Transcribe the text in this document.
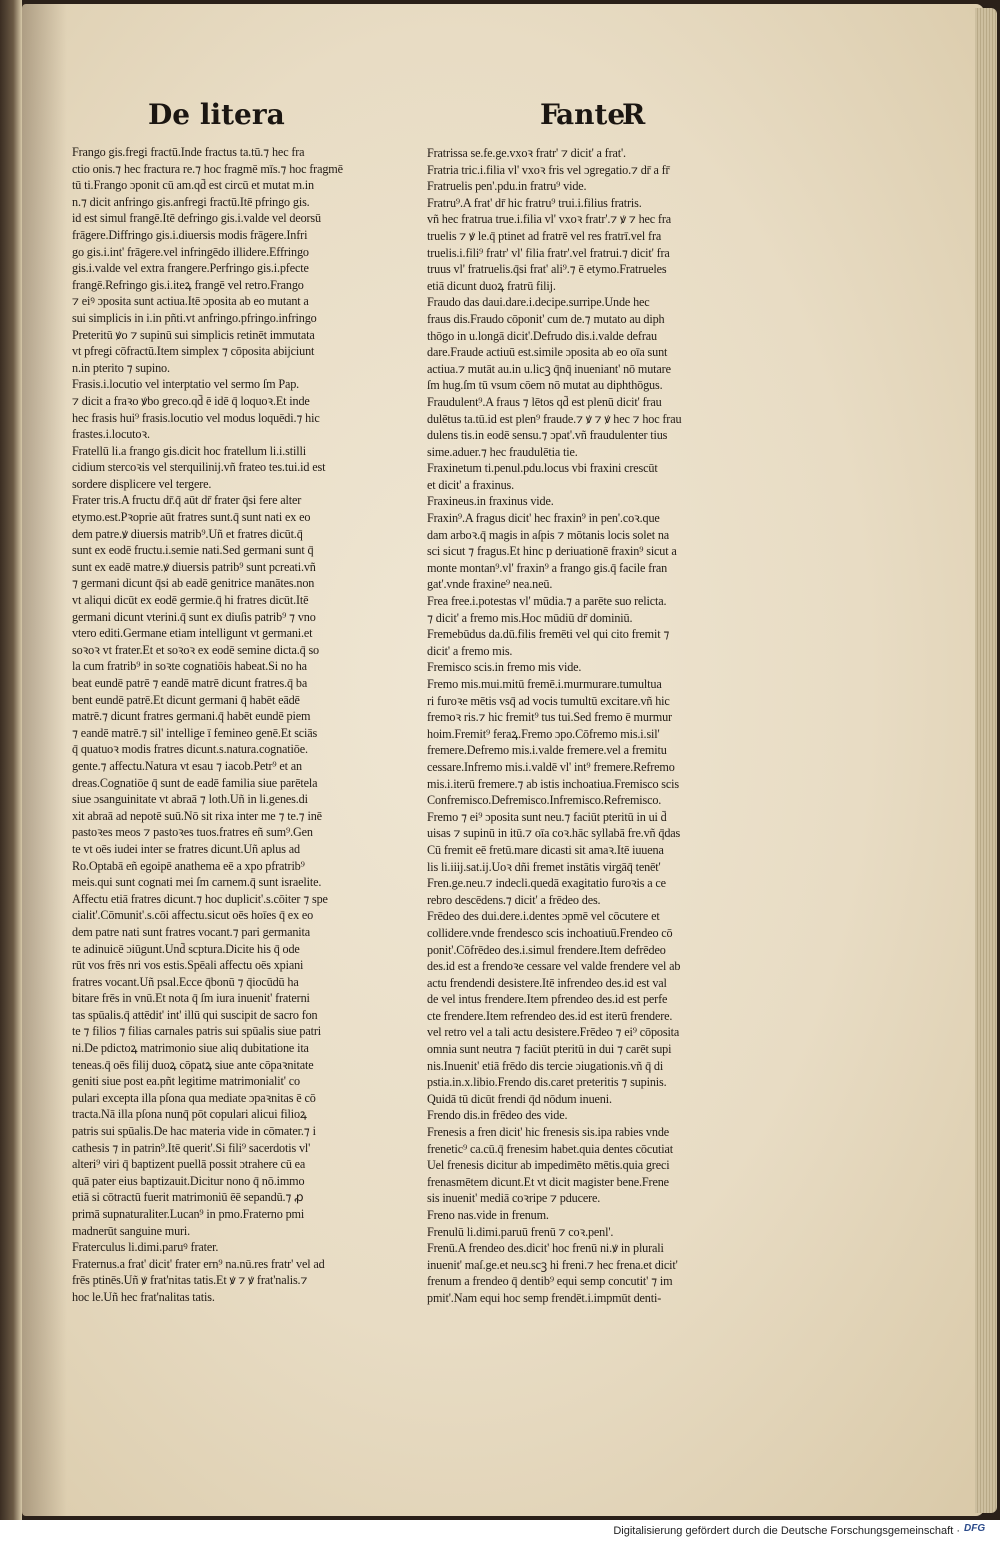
De litera	F
ante
R
Frango gis.fregi fractū.Inde fractus ta.tū.⁊ hec fra
ctio onis.⁊ hec fractura re.⁊ hoc fragmē mīs.⁊ hoc fragmē
tū ti.Frango ɔponit cū am.qd̄ est circū et mutat m.in
n.⁊ dicit anfringo gis.anfregi fractū.Itē pfringo gis.
id est simul frangē.Itē defringo gis.i.valde vel deorsū
frāgere.Diffringo gis.i.diuersis modis frāgere.Infri
go gis.i.int' frāgere.vel infringēdo illidere.Effringo
gis.i.valde vel extra frangere.Perfringo gis.i.pfecte
frangē.Refringo gis.i.iteꝝ frangē vel retro.Frango
⁊ eiꝰ ɔposita sunt actiua.Itē ɔposita ab eo mutant a
sui simplicis in i.in pñti.vt anfringo.pfringo.infringo
Preteritū ꝟo ⁊ supinū sui simplicis retinēt immutata
vt pfregi cōfractū.Item simplex ⁊ cōposita abijciunt
n.in pterito ⁊ supino.
Frasis.i.locutio vel interptatio vel sermo ſm Pap.
⁊ dicit a fraꝛo ꝟbo greco.qd̄ ē idē q̄ loquoꝛ.Et inde
hec frasis hui⁹ frasis.locutio vel modus loquēdi.⁊ hic
frastes.i.locutoꝛ.
Fratellū li.a frango gis.dicit hoc fratellum li.i.stilli
cidium stercoꝛis vel sterquilinij.vñ frateo tes.tui.id est
sordere displicere vel tergere.
Frater tris.A fructu dr̄.q̄ aūt dr̄ frater q̄si fere alter
etymo.est.Pꝛoprie aūt fratres sunt.q̄ sunt nati ex eo
dem patre.ꝟ diuersis matrib⁹.Uñ et fratres dicūt.q̄
sunt ex eodē fructu.i.semie nati.Sed germani sunt q̄
sunt ex eadē matre.ꝟ diuersis patrib⁹ sunt pcreati.vñ
⁊ germani dicunt q̄si ab eadē genitrice manātes.non
vt aliqui dicūt ex eodē germie.q̄ hi fratres dicūt.Itē
germani dicunt vterini.q̄ sunt ex diuſis patrib⁹ ⁊ vno
vtero editi.Germane etiam intelligunt vt germani.et
soꝛoꝛ vt frater.Et et soꝛoꝛ ex eodē semine dicta.q̄ so
la cum fratrib⁹ in soꝛte cognatiōis habeat.Si no ha
beat eundē patrē ⁊ eandē matrē dicunt fratres.q̄ ba
bent eundē patrē.Et dicunt germani q̄ habēt eādē
matrē.⁊ dicunt fratres germani.q̄ habēt eundē piem
⁊ eandē matrē.⁊ sil' intellige ī femineo genē.Et sciās
q̄ quatuoꝛ modis fratres dicunt.s.natura.cognatiōe.
gente.⁊ affectu.Natura vt esau ⁊ iacob.Petr⁹ et an
dreas.Cognatiōe q̄ sunt de eadē familia siue parētela
siue ɔsanguinitate vt abraā ⁊ loth.Uñ in li.genes.di
xit abraā ad nepotē suū.Nō sit rixa inter me ⁊ te.⁊ inē
pastoꝛes meos ⁊ pastoꝛes tuos.fratres eñ sum⁹.Gen
te vt oēs iudei inter se fratres dicunt.Uñ aplus ad
Ro.Optabā eñ egoipē anathema eē a xpo pfratrib⁹
meis.qui sunt cognati mei ſm carnem.q̄ sunt israelite.
Affectu etiā fratres dicunt.⁊ hoc duplicit'.s.cōiter ⁊ spe
cialit'.Cōmunit'.s.cōi affectu.sicut oēs hoīes q̄ ex eo
dem patre nati sunt fratres vocant.⁊ pari germanita
te adinuicē ɔiūgunt.Und̄ scptura.Dicite his q̄ ode
rūt vos frēs nri vos estis.Spēali affectu oēs xpiani
fratres vocant.Uñ psal.Ecce q̄bonū ⁊ q̄iocūdū ha
bitare frēs in vnū.Et nota q̄ ſm iura inuenit' fraterni
tas spūalis.q̄ attēdit' int' illū qui suscipit de sacro fon
te ⁊ filios ⁊ filias carnales patris sui spūalis siue patri
ni.De pdictoꝝ matrimonio siue aliq dubitatione ita
teneas.q̄ oēs filij duoꝝ cōpatꝝ siue ante cōpaꝛnitate
geniti siue post ea.pñt legitime matrimonialit' co
pulari excepta illa pſona qua mediate ɔpaꝛnitas ē cō
tracta.Nā illa pſona nunq̄ pōt copulari alicui filioꝝ
patris sui spūalis.De hac materia vide in cōmater.⁊ i
cathesis ⁊ in patrin⁹.Itē querit'.Si fili⁹ sacerdotis vl'
alteri⁹ viri q̄ baptizent puellā possit ɔtrahere cū ea
quā pater eius baptizauit.Dicitur nono q̄ nō.immo
etiā si cōtractū fuerit matrimoniū ēē sepandū.⁊ ꝓ
primā supnaturaliter.Lucan⁹ in pmo.Fraterno pmi
madnerūt sanguine muri.
Fraterculus li.dimi.paruꝰ frater.
Fraternus.a frat' dicit' frater ern⁹ na.nū.res fratr' vel ad
frēs ptinēs.Uñ ꝟ frat'nitas tatis.Et ꝟ ⁊ ꝟ frat'nalis.⁊
hoc le.Uñ hec frat'nalitas tatis.
Fratrissa se.fe.ge.vxoꝛ fratr' ⁊ dicit' a frat'.
Fratria tric.i.filia vl' vxoꝛ fris vel ɔgregatio.⁊ dr̄ a fr̄
Fratruelis pen'.pdu.in fratru⁹ vide.
Fratru⁹.A frat' dr̄ hic fratru⁹ trui.i.filius fratris.
vñ hec fratrua true.i.filia vl' vxoꝛ fratr'.⁊ ꝟ ⁊ hec fra
truelis ⁊ ꝟ le.q̄ ptinet ad fratrē vel res fratrī.vel fra
truelis.i.fili⁹ fratr' vl' filia fratr'.vel fratrui.⁊ dicit' fra
truus vl' fratruelis.q̄si frat' ali⁹.⁊ ē etymo.Fratrueles
etiā dicunt duoꝝ fratrū filij.
Fraudo das daui.dare.i.decipe.surripe.Unde hec
fraus dis.Fraudo cōponit' cum de.⁊ mutato au diph
thōgo in u.longā dicit'.Defrudo dis.i.valde defrau
dare.Fraude actiuū est.simile ɔposita ab eo oīa sunt
actiua.⁊ mutāt au.in u.licꝫ q̄nq̄ inueniant' nō mutare
ſm hug.ſm tū vsum cōem nō mutat au diphthōgus.
Fraudulent⁹.A fraus ⁊ lētos qd̄ est plenū dicit' frau
dulētus ta.tū.id est plen⁹ fraude.⁊ ꝟ ⁊ ꝟ hec ⁊ hoc frau
dulens tis.in eodē sensu.⁊ ɔpat'.vñ fraudulenter tius
sime.aduer.⁊ hec fraudulētia tie.
Fraxinetum ti.penul.pdu.locus vbi fraxini crescūt
et dicit' a fraxinus.
Fraxineus.in fraxinus vide.
Fraxin⁹.A fragus dicit' hec fraxin⁹ in pen'.coꝛ.que
dam arboꝛ.q̄ magis in aſpis ⁊ mōtanis locis solet na
sci sicut ⁊ fragus.Et hinc p deriuationē fraxin⁹ sicut a
monte montan⁹.vl' fraxin⁹ a frango gis.q̄ facile fran
gat'.vnde fraxine⁹ nea.neū.
Frea free.i.potestas vl' mūdia.⁊ a parēte suo relicta.
⁊ dicit' a fremo mis.Hoc mūdiū dr̄ dominiū.
Fremebūdus da.dū.filis fremēti vel qui cito fremit ⁊
dicit' a fremo mis.
Fremisco scis.in fremo mis vide.
Fremo mis.mui.mitū fremē.i.murmurare.tumultua
ri furoꝛe mētis vsq̄ ad vocis tumultū excitare.vñ hic
fremoꝛ ris.⁊ hic fremit⁹ tus tui.Sed fremo ē murmur
hoim.Fremit⁹ feraꝝ.Fremo ɔpo.Cōfremo mis.i.sil'
fremere.Defremo mis.i.valde fremere.vel a fremitu
cessare.Infremo mis.i.valdē vl' int⁹ fremere.Refremo
mis.i.iterū fremere.⁊ ab istis inchoatiua.Fremisco scis
Confremisco.Defremisco.Infremisco.Refremisco.
Fremo ⁊ ei⁹ ɔposita sunt neu.⁊ faciūt pteritū in ui d̄
uisas ⁊ supinū in itū.⁊ oīa coꝛ.hāc syllabā fre.vñ q̄das
Cū fremit eē fretū.mare dicasti sit amaꝛ.Itē iuuena
lis li.iiij.sat.ij.Uoꝛ dñi fremet instātis virgāq̄ tenēt'
Fren.ge.neu.⁊ indecli.quedā exagitatio furoꝛis a ce
rebro descēdens.⁊ dicit' a frēdeo des.
Frēdeo des dui.dere.i.dentes ɔpmē vel cōcutere et
collidere.vnde frendesco scis inchoatiuū.Frendeo cō
ponit'.Cōfrēdeo des.i.simul frendere.Item defrēdeo
des.id est a frendoꝛe cessare vel valde frendere vel ab
actu frendendi desistere.Itē infrendeo des.id est val
de vel intus frendere.Item pfrendeo des.id est perfe
cte frendere.Item refrendeo des.id est iterū frendere.
vel retro vel a tali actu desistere.Frēdeo ⁊ ei⁹ cōposita
omnia sunt neutra ⁊ faciūt pteritū in dui ⁊ carēt supi
nis.Inuenit' etiā frēdo dis tercie ɔiugationis.vñ q̄ di
pstia.in.x.libio.Frendo dis.caret preteritis ⁊ supinis.
Quidā tū dicūt frendi q̄d nōdum inueni.
Frendo dis.in frēdeo des vide.
Frenesis a fren dicit' hic frenesis sis.ipa rabies vnde
frenetic⁹ ca.cū.q̄ frenesim habet.quia dentes cōcutiat
Uel frenesis dicitur ab impedimēto mētis.quia greci
frenasmētem dicunt.Et vt dicit magister bene.Frene
sis inuenit' mediā coꝛripe ⁊ pducere.
Freno nas.vide in frenum.
Frenulū li.dimi.paruū frenū ⁊ coꝛ.penl'.
Frenū.A frendeo des.dicit' hoc frenū ni.ꝟ in plurali
inuenit' maſ.ge.et neu.scꝫ hi freni.⁊ hec frena.et dicit'
frenum a frendeo q̄ dentib⁹ equi semp concutit' ⁊ im
pmit'.Nam equi hoc semp frendēt.i.impmūt denti-
Digitalisierung gefördert durch die Deutsche Forschungsgemeinschaft · DFG
